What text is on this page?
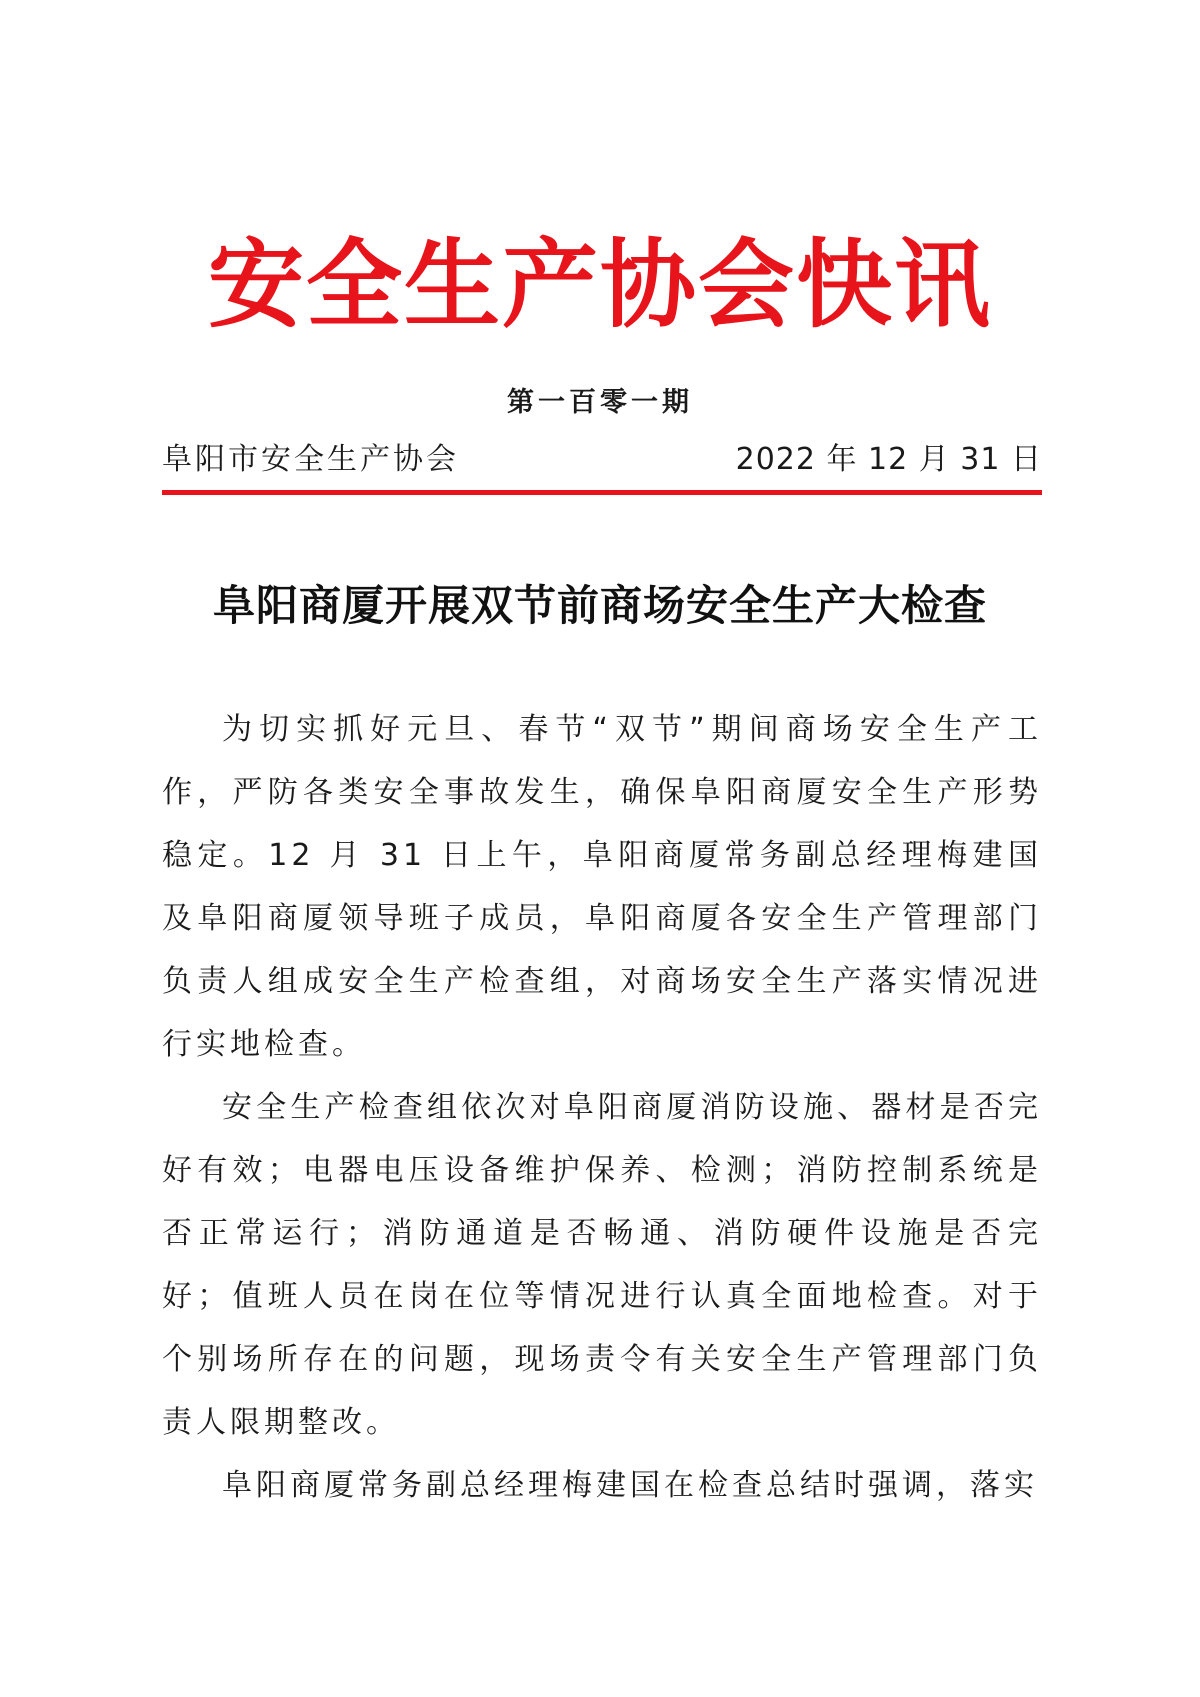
安全生产协会快讯
第一百零一期
阜阳市安全生产协会	2022 年 12 月 31 日
阜阳商厦开展双节前商场安全生产大检查

为切实抓好元旦、春节“双节”期间商场安全生产工作，严防各类安全事故发生，确保阜阳商厦安全生产形势稳定。12 月 31 日上午，阜阳商厦常务副总经理梅建国及阜阳商厦领导班子成员，阜阳商厦各安全生产管理部门负责人组成安全生产检查组，对商场安全生产落实情况进行实地检查。

安全生产检查组依次对阜阳商厦消防设施、器材是否完好有效；电器电压设备维护保养、检测；消防控制系统是否正常运行；消防通道是否畅通、消防硬件设施是否完好；值班人员在岗在位等情况进行认真全面地检查。对于个别场所存在的问题，现场责令有关安全生产管理部门负责人限期整改。

阜阳商厦常务副总经理梅建国在检查总结时强调，落实
